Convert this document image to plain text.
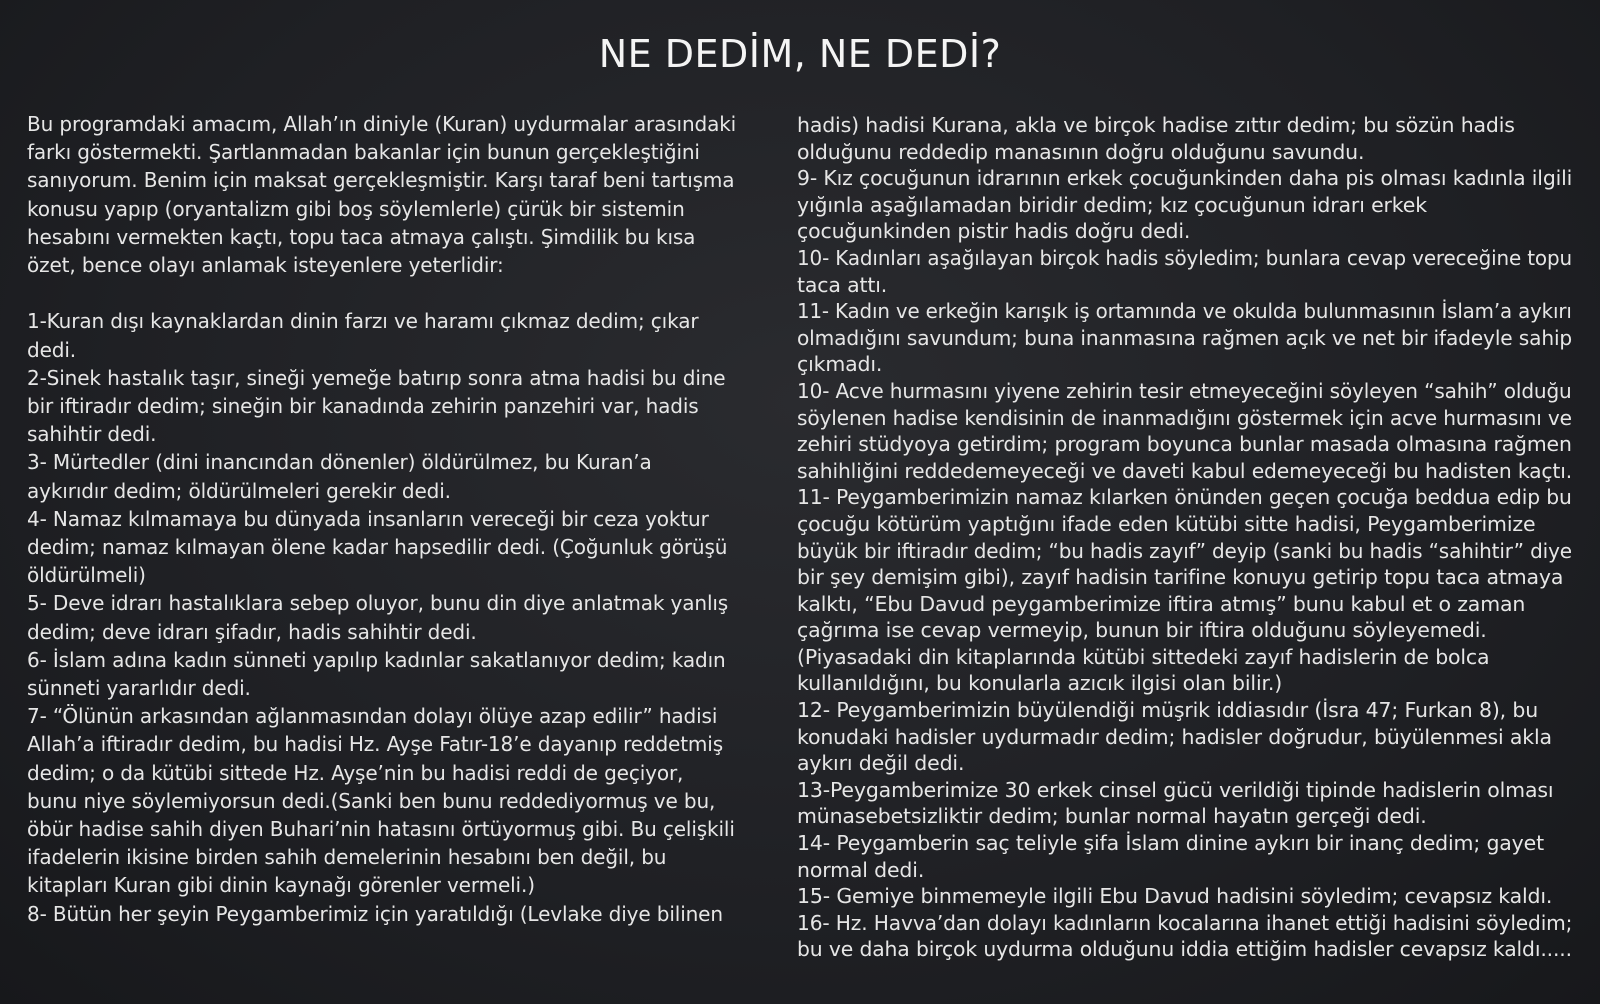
NE DEDİM, NE DEDİ?
Bu programdaki amacım, Allah’ın diniyle (Kuran) uydurmalar arasındaki
farkı göstermekti. Şartlanmadan bakanlar için bunun gerçekleştiğini
sanıyorum. Benim için maksat gerçekleşmiştir. Karşı taraf beni tartışma
konusu yapıp (oryantalizm gibi boş söylemlerle) çürük bir sistemin
hesabını vermekten kaçtı, topu taca atmaya çalıştı. Şimdilik bu kısa
özet, bence olayı anlamak isteyenlere yeterlidir:
1-Kuran dışı kaynaklardan dinin farzı ve haramı çıkmaz dedim; çıkar
dedi.
2-Sinek hastalık taşır, sineği yemeğe batırıp sonra atma hadisi bu dine
bir iftiradır dedim; sineğin bir kanadında zehirin panzehiri var, hadis
sahihtir dedi.
3- Mürtedler (dini inancından dönenler) öldürülmez, bu Kuran’a
aykırıdır dedim; öldürülmeleri gerekir dedi.
4- Namaz kılmamaya bu dünyada insanların vereceği bir ceza yoktur
dedim; namaz kılmayan ölene kadar hapsedilir dedi. (Çoğunluk görüşü
öldürülmeli)
5- Deve idrarı hastalıklara sebep oluyor, bunu din diye anlatmak yanlış
dedim; deve idrarı şifadır, hadis sahihtir dedi.
6- İslam adına kadın sünneti yapılıp kadınlar sakatlanıyor dedim; kadın
sünneti yararlıdır dedi.
7- “Ölünün arkasından ağlanmasından dolayı ölüye azap edilir” hadisi
Allah’a iftiradır dedim, bu hadisi Hz. Ayşe Fatır-18’e dayanıp reddetmiş
dedim; o da kütübi sittede Hz. Ayşe’nin bu hadisi reddi de geçiyor,
bunu niye söylemiyorsun dedi.(Sanki ben bunu reddediyormuş ve bu,
öbür hadise sahih diyen Buhari’nin hatasını örtüyormuş gibi. Bu çelişkili
ifadelerin ikisine birden sahih demelerinin hesabını ben değil, bu
kitapları Kuran gibi dinin kaynağı görenler vermeli.)
8- Bütün her şeyin Peygamberimiz için yaratıldığı (Levlake diye bilinen
hadis) hadisi Kurana, akla ve birçok hadise zıttır dedim; bu sözün hadis
olduğunu reddedip manasının doğru olduğunu savundu.
9- Kız çocuğunun idrarının erkek çocuğunkinden daha pis olması kadınla ilgili
yığınla aşağılamadan biridir dedim; kız çocuğunun idrarı erkek
çocuğunkinden pistir hadis doğru dedi.
10- Kadınları aşağılayan birçok hadis söyledim; bunlara cevap vereceğine topu
taca attı.
11- Kadın ve erkeğin karışık iş ortamında ve okulda bulunmasının İslam’a aykırı
olmadığını savundum; buna inanmasına rağmen açık ve net bir ifadeyle sahip
çıkmadı.
10- Acve hurmasını yiyene zehirin tesir etmeyeceğini söyleyen “sahih” olduğu
söylenen hadise kendisinin de inanmadığını göstermek için acve hurmasını ve
zehiri stüdyoya getirdim; program boyunca bunlar masada olmasına rağmen
sahihliğini reddedemeyeceği ve daveti kabul edemeyeceği bu hadisten kaçtı.
11- Peygamberimizin namaz kılarken önünden geçen çocuğa beddua edip bu
çocuğu kötürüm yaptığını ifade eden kütübi sitte hadisi, Peygamberimize
büyük bir iftiradır dedim; “bu hadis zayıf” deyip (sanki bu hadis “sahihtir” diye
bir şey demişim gibi), zayıf hadisin tarifine konuyu getirip topu taca atmaya
kalktı, “Ebu Davud peygamberimize iftira atmış” bunu kabul et o zaman
çağrıma ise cevap vermeyip, bunun bir iftira olduğunu söyleyemedi.
(Piyasadaki din kitaplarında kütübi sittedeki zayıf hadislerin de bolca
kullanıldığını, bu konularla azıcık ilgisi olan bilir.)
12- Peygamberimizin büyülendiği müşrik iddiasıdır (İsra 47; Furkan 8), bu
konudaki hadisler uydurmadır dedim; hadisler doğrudur, büyülenmesi akla
aykırı değil dedi.
13-Peygamberimize 30 erkek cinsel gücü verildiği tipinde hadislerin olması
münasebetsizliktir dedim; bunlar normal hayatın gerçeği dedi.
14- Peygamberin saç teliyle şifa İslam dinine aykırı bir inanç dedim; gayet
normal dedi.
15- Gemiye binmemeyle ilgili Ebu Davud hadisini söyledim; cevapsız kaldı.
16- Hz. Havva’dan dolayı kadınların kocalarına ihanet ettiği hadisini söyledim;
bu ve daha birçok uydurma olduğunu iddia ettiğim hadisler cevapsız kaldı.....
